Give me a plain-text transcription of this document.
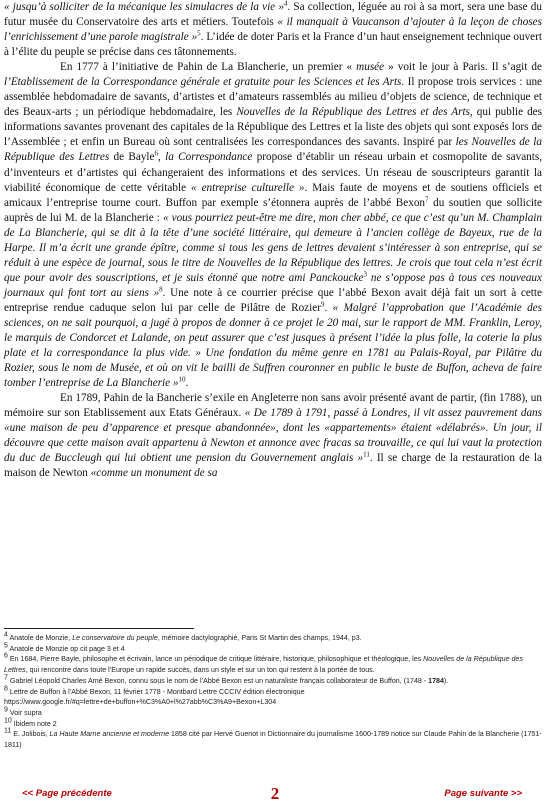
« jusqu’à solliciter de la mécanique les simulacres de la vie »$^4$. Sa collection, léguée au roi à sa mort, sera une base du futur musée du Conservatoire des arts et métiers. Toutefois « il manquait à Vaucanson d’ajouter à la leçon de choses l’enrichissement d’une parole magistrale »$^5$. L’idée de doter Paris et la France d’un haut enseignement technique ouvert à l’élite du peuple se précise dans ces tâtonnements.

En 1777 à l’initiative de Pahin de La Blancherie, un premier « musée » voit le jour à Paris. Il s’agit de l’Etablissement de la Correspondance générale et gratuite pour les Sciences et les Arts. Il propose trois services : une assemblée hebdomadaire de savants, d’artistes et d’amateurs rassemblés au milieu d’objets de science, de technique et des Beaux-arts ; un périodique hebdomadaire, les Nouvelles de la République des Lettres et des Arts, qui publie des informations savantes provenant des capitales de la République des Lettres et la liste des objets qui sont exposés lors de l’Assemblée ; et enfin un Bureau où sont centralisées les correspondances des savants. Inspiré par les Nouvelles de la République des Lettres de Bayle$^6$, la Correspondance propose d’établir un réseau urbain et cosmopolite de savants, d’inventeurs et d’artistes qui échangeraient des informations et des services. Un réseau de souscripteurs garantit la viabilité économique de cette véritable « entreprise culturelle ». Mais faute de moyens et de soutiens officiels et amicaux l’entreprise tourne court. Buffon par exemple s’étonnera auprès de l’abbé Bexon$^7$ du soutien que sollicite auprès de lui M. de la Blancherie : « vous pourriez peut-être me dire, mon cher abbé, ce que c’est qu’un M. Champlain de La Blancherie, qui se dit à la tête d’une société littéraire, qui demeure à l’ancien collège de Bayeux, rue de la Harpe. Il m’a écrit une grande épître, comme si tous les gens de lettres devaient s’intéresser à son entreprise, qui se réduit à une espèce de journal, sous le titre de Nouvelles de la République des lettres. Je crois que tout cela n’est écrit que pour avoir des souscriptions, et je suis étonné que notre ami Panckoucke$^3$ ne s’oppose pas à tous ces nouveaux journaux qui font tort au siens »$^8$. Une note à ce courrier précise que l’abbé Bexon avait déjà fait un sort à cette entreprise rendue caduque selon lui par celle de Pilâtre de Rozier$^9$. « Malgré l’approbation que l’Académie des sciences, on ne sait pourquoi, a jugé à propos de donner à ce projet le 20 mai, sur le rapport de MM. Franklin, Leroy, le marquis de Condorcet et Lalande, on peut assurer que c’est jusques à présent l’idée la plus folle, la coterie la plus plate et la correspondance la plus vide. » Une fondation du même genre en 1781 au Palais-Royal, par Pilâtre du Rozier, sous le nom de Musée, et où on vit le bailli de Suffren couronner en public le buste de Buffon, acheva de faire tomber l’entreprise de La Blancherie »$^{10}$.

En 1789, Pahin de la Bancherie s’exile en Angleterre non sans avoir présenté avant de partir, (fin 1788), un mémoire sur son Etablissement aux Etats Généraux. « De 1789 à 1791, passé à Londres, il vit assez pauvrement dans «une maison de peu d’apparence et presque abandonnée», dont les «appartements» étaient «délabrés». Un jour, il découvre que cette maison avait appartenu à Newton et annonce avec fracas sa trouvaille, ce qui lui vaut la protection du duc de Buccleugh qui lui obtient une pension du Gouvernement anglais »$^{11}$. Il se charge de la restauration de la maison de Newton «comme un monument de sa

$^4$ Anatole de Monzie, Le conservatoire du peuple, mémoire dactylographié, Paris St Martin des champs, 1944, p3.

$^5$ Anatole de Monzie op cit page 3 et 4

$^6$ En 1684, Pierre Bayle, philosophe et écrivain, lance un périodique de critique littéraire, historique, philosophique et théologique, les Nouvelles de la République des Lettres, qui rencontre dans toute l’Europe un rapide succès, dans un style et sur un ton qui restent à la portée de tous.

$^7$ Gabriel Léopold Charles Amé Bexon, connu sous le nom de l’Abbé Bexon est un naturaliste français collaborateur de Buffon, (1748 - 1784).

$^8$ Lettre de Buffon à l’Abbé Bexon, 11 février 1778 - Montbard Lettre CCCIV édition électronique
https://www.google.fr/#q=lettre+de+buffon+%C3%A0+l%27abb%C3%A9+Bexon+L304

$^9$ Voir supra

$^{10}$ Ibidem note 2

$^{11}$ E. Jolibois, La Haute Marne ancienne et moderne 1858 cité par Hervé Guenot in Dictionnaire du journalisme 1600-1789 notice sur Claude Pahin de la Blancherie (1751-1811)

2
<< Page précédente	Page suivante >>
